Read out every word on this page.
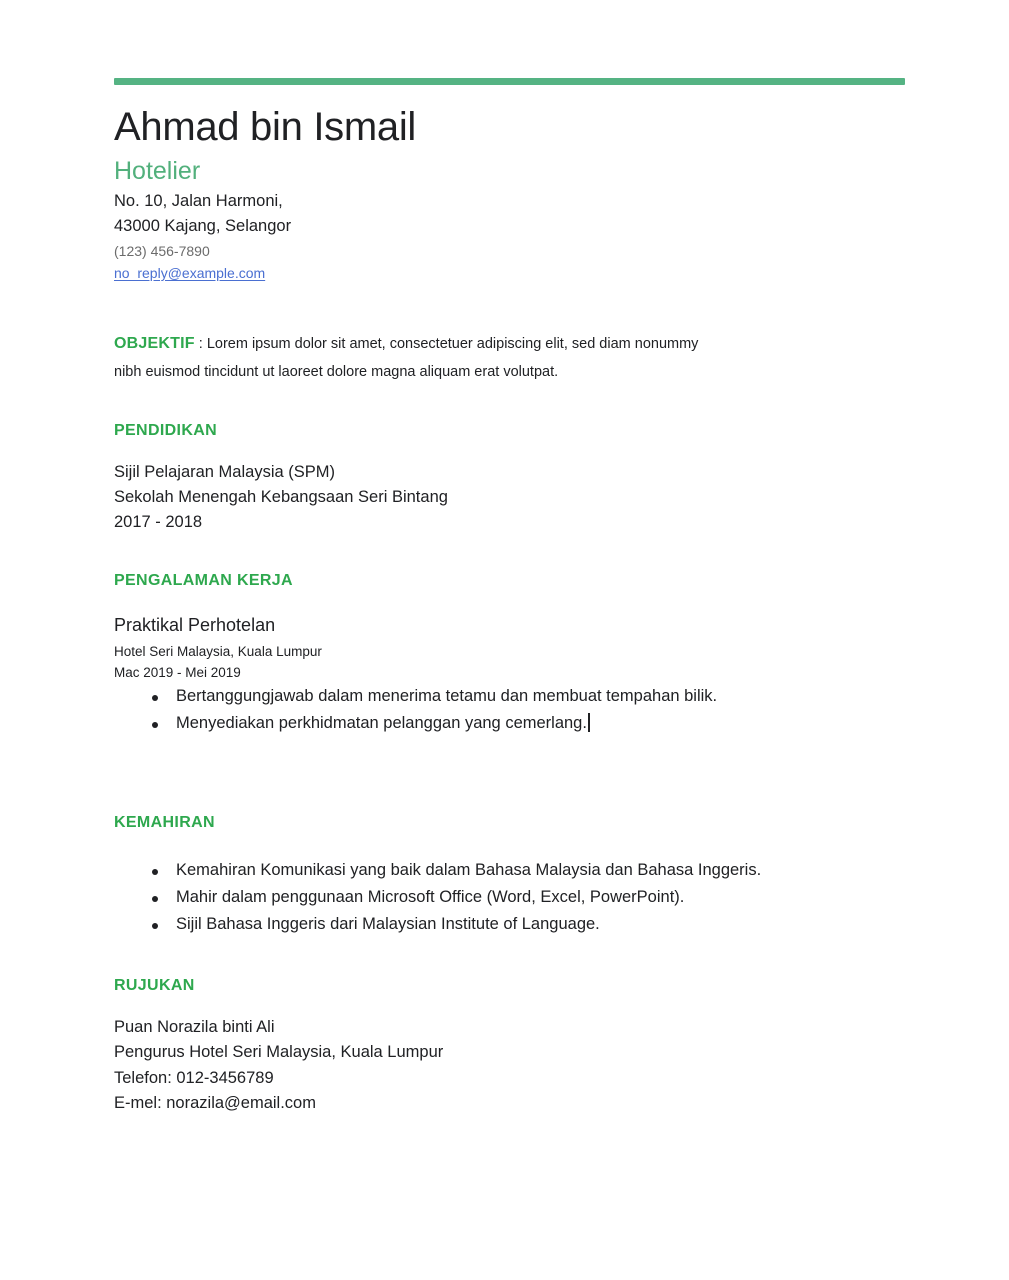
Ahmad bin Ismail
Hotelier
No. 10, Jalan Harmoni,
43000 Kajang, Selangor
(123) 456-7890
no_reply@example.com
OBJEKTIF : Lorem ipsum dolor sit amet, consectetuer adipiscing elit, sed diam nonummy nibh euismod tincidunt ut laoreet dolore magna aliquam erat volutpat.
PENDIDIKAN
Sijil Pelajaran Malaysia (SPM)
Sekolah Menengah Kebangsaan Seri Bintang
2017 - 2018
PENGALAMAN KERJA
Praktikal Perhotelan
Hotel Seri Malaysia, Kuala Lumpur
Mac 2019 - Mei 2019
Bertanggungjawab dalam menerima tetamu dan membuat tempahan bilik.
Menyediakan perkhidmatan pelanggan yang cemerlang.
KEMAHIRAN
Kemahiran Komunikasi yang baik dalam Bahasa Malaysia dan Bahasa Inggeris.
Mahir dalam penggunaan Microsoft Office (Word, Excel, PowerPoint).
Sijil Bahasa Inggeris dari Malaysian Institute of Language.
RUJUKAN
Puan Norazila binti Ali
Pengurus Hotel Seri Malaysia, Kuala Lumpur
Telefon: 012-3456789
E-mel: norazila@email.com
